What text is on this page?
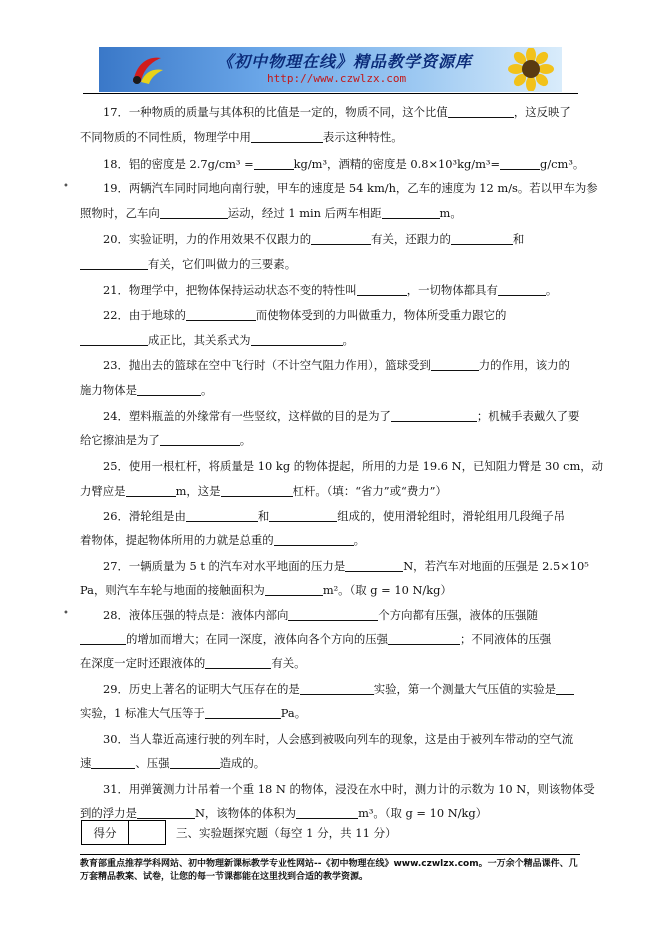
《初中物理在线》精品教学资源库
http://www.czwlzx.com
17．一种物质的质量与其体积的比值是一定的，物质不同，这个比值	，这反映了
不同物质的不同性质，物理学中用	表示这种特性。
18．铝的密度是 2.7g/cm³ =	kg/m³，酒精的密度是 0.8×10³kg/m³=	g/cm³。
•	19．两辆汽车同时同地向南行驶，甲车的速度是 54 km/h，乙车的速度为 12 m/s。若以甲车为参
照物时，乙车向	运动，经过 1 min 后两车相距	m。
20．实验证明，力的作用效果不仅跟力的	有关，还跟力的	和
有关，它们叫做力的三要素。
21．物理学中，把物体保持运动状态不变的特性叫	，一切物体都具有	。
22．由于地球的	而使物体受到的力叫做重力，物体所受重力跟它的
成正比，其关系式为	。
23．抛出去的篮球在空中飞行时（不计空气阻力作用），篮球受到	力的作用，该力的
施力物体是	。
24．塑料瓶盖的外缘常有一些竖纹，这样做的目的是为了	；机械手表戴久了要
给它擦油是为了	。
25．使用一根杠杆，将质量是 10 kg 的物体提起，所用的力是 19.6 N，已知阻力臂是 30 cm，动
力臂应是	m，这是	杠杆。（填：“省力”或“费力”）
26．滑轮组是由	和	组成的，使用滑轮组时，滑轮组用几段绳子吊
着物体，提起物体所用的力就是总重的	。
27．一辆质量为 5 t 的汽车对水平地面的压力是	N，若汽车对地面的压强是 2.5×10⁵
Pa，则汽车车轮与地面的接触面积为	m²。（取 g = 10 N/kg）
•	28．液体压强的特点是：液体内部向	个方向都有压强，液体的压强随
的增加而增大；在同一深度，液体向各个方向的压强	；不同液体的压强
在深度一定时还跟液体的	有关。
29．历史上著名的证明大气压存在的是	实验，第一个测量大气压值的实验是
实验，1 标准大气压等于	Pa。
30．当人靠近高速行驶的列车时，人会感到被吸向列车的现象，这是由于被列车带动的空气流
速	、压强	造成的。
31．用弹簧测力计吊着一个重 18 N 的物体，浸没在水中时，测力计的示数为 10 N，则该物体受
到的浮力是	N，该物体的体积为	m³。（取 g = 10 N/kg）
得分		三、实验题探究题（每空 1 分，共 11 分）
教育部重点推荐学科网站、初中物理新课标教学专业性网站--《初中物理在线》www.czwlzx.com。一万余个精品课件、几万套精品教案、试卷，让您的每一节课都能在这里找到合适的教学资源。
